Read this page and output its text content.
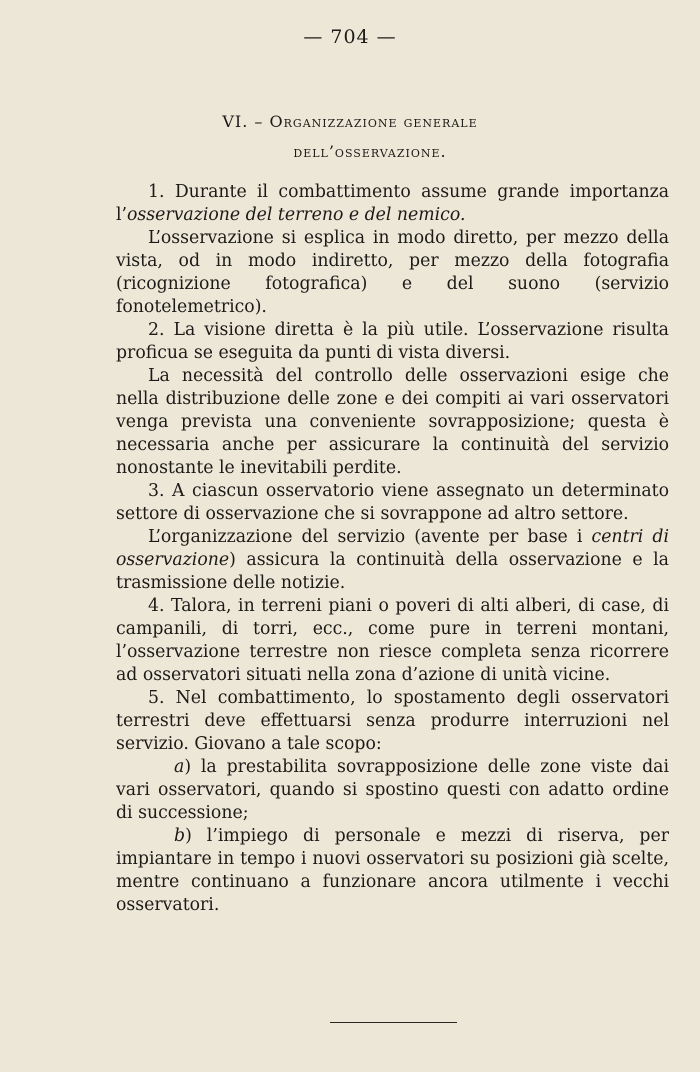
— 704 —
VI. – Organizzazione generale
dell’osservazione.

1. Durante il combattimento assume grande importanza l’osservazione del terreno e del nemico.

L’osservazione si esplica in modo diretto, per mezzo della vista, od in modo indiretto, per mezzo della fotografia (ricognizione fotografica) e del suono (servizio fonotelemetrico).

2. La visione diretta è la più utile. L’osservazione risulta proficua se eseguita da punti di vista diversi.

La necessità del controllo delle osservazioni esige che nella distribuzione delle zone e dei compiti ai vari osservatori venga prevista una conveniente sovrapposizione; questa è necessaria anche per assicurare la continuità del servizio nonostante le inevitabili perdite.

3. A ciascun osservatorio viene assegnato un determinato settore di osservazione che si sovrappone ad altro settore.

L’organizzazione del servizio (avente per base i centri di osservazione) assicura la continuità della osservazione e la trasmissione delle notizie.

4. Talora, in terreni piani o poveri di alti alberi, di case, di campanili, di torri, ecc., come pure in terreni montani, l’osservazione terrestre non riesce completa senza ricorrere ad osservatori situati nella zona d’azione di unità vicine.

5. Nel combattimento, lo spostamento degli osservatori terrestri deve effettuarsi senza produrre interruzioni nel servizio. Giovano a tale scopo:

a) la prestabilita sovrapposizione delle zone viste dai vari osservatori, quando si spostino questi con adatto ordine di successione;

b) l’impiego di personale e mezzi di riserva, per impiantare in tempo i nuovi osservatori su posizioni già scelte, mentre continuano a funzionare ancora utilmente i vecchi osservatori.
